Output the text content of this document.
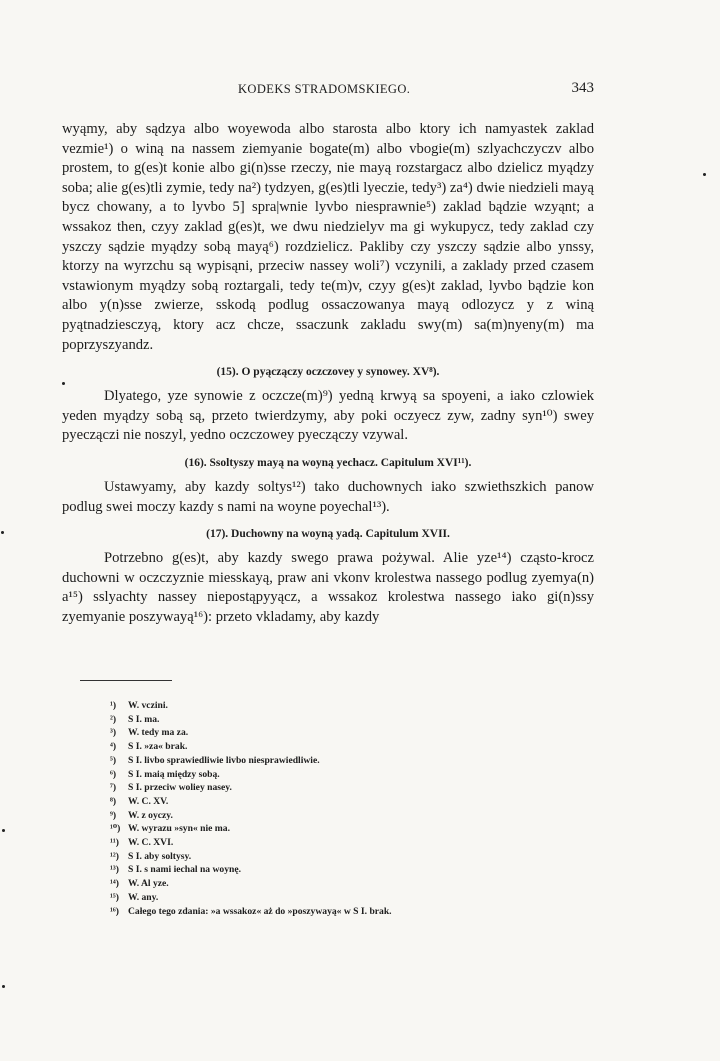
KODEKS STRADOMSKIEGO.	343

wyąmy, aby sądzya albo woyewoda albo starosta albo ktory ich namyastek zaklad vezmie¹) o winą na nassem ziemyanie bogate(m) albo vbogie(m) szlyachczyczv albo prostem, to g(es)t konie albo gi(n)sse rzeczy, nie mayą rozstargacz albo dzielicz myądzy soba; alie g(es)tli zymie, tedy na²) tydzyen, g(es)tli lyeczie, tedy³) za⁴) dwie niedzieli mayą bycz chowany, a to lyvbo 5] spra|wnie lyvbo niesprawnie⁵) zaklad bądzie wzyąnt; a wssakoz then, czyy zaklad g(es)t, we dwu niedzielyv ma gi wykupycz, tedy zaklad czy yszczy sądzie myądzy sobą mayą⁶) rozdzielicz. Pakliby czy yszczy sądzie albo ynssy, ktorzy na wyrzchu są wypisąni, przeciw nassey woli⁷) vczynili, a zaklady przed czasem vstawionym myądzy sobą roztargali, tedy te(m)v, czyy g(es)t zaklad, lyvbo bądzie kon albo y(n)sse zwierze, sskodą podlug ossaczowanya mayą odlozycz y z winą pyątnadziesczyą, ktory acz chcze, ssaczunk zakladu swy(m) sa(m)nyeny(m) ma poprzyszyandz.

(15). O pyączączy oczczovey y synowey. XV⁸).

Dlyatego, yze synowie z oczcze(m)⁹) yedną krwyą sa spoyeni, a iako czlowiek yeden myądzy sobą są, przeto twierdzymy, aby poki oczyecz zyw, zadny syn¹⁰) swey pyeczączi nie noszyl, yedno oczczowey pyeczączy vzywal.

(16). Ssoltyszy mayą na woyną yechacz. Capitulum XVI¹¹).

Ustawyamy, aby kazdy soltys¹²) tako duchownych iako szwiethszkich panow podlug swei moczy kazdy s nami na woyne poyechal¹³).

(17). Duchowny na woyną yadą. Capitulum XVII.

Potrzebno g(es)t, aby kazdy swego prawa pożywal. Alie yze¹⁴) cząsto-krocz duchowni w oczczyznie miesskayą, praw ani vkonv krolestwa nassego podlug zyemya(n) a¹⁵) sslyachty nassey niepostąpyyącz, a wssakoz krolestwa nassego iako gi(n)ssy zyemyanie poszywayą¹⁶): przeto vkladamy, aby kazdy

¹) W. vczini.
²) S I. ma.
³) W. tedy ma za.
⁴) S I. »za« brak.
⁵) S I. livbo sprawiedliwie livbo niesprawiedliwie.
⁶) S I. maią między sobą.
⁷) S I. przeciw woliey nasey.
⁸) W. C. XV.
⁹) W. z oyczy.
¹⁰) W. wyrazu »syn« nie ma.
¹¹) W. C. XVI.
¹²) S I. aby soltysy.
¹³) S I. s nami iechal na woynę.
¹⁴) W. Al yze.
¹⁵) W. any.
¹⁶) Całego tego zdania: »a wssakoz« aż do »poszywayą« w S I. brak.
